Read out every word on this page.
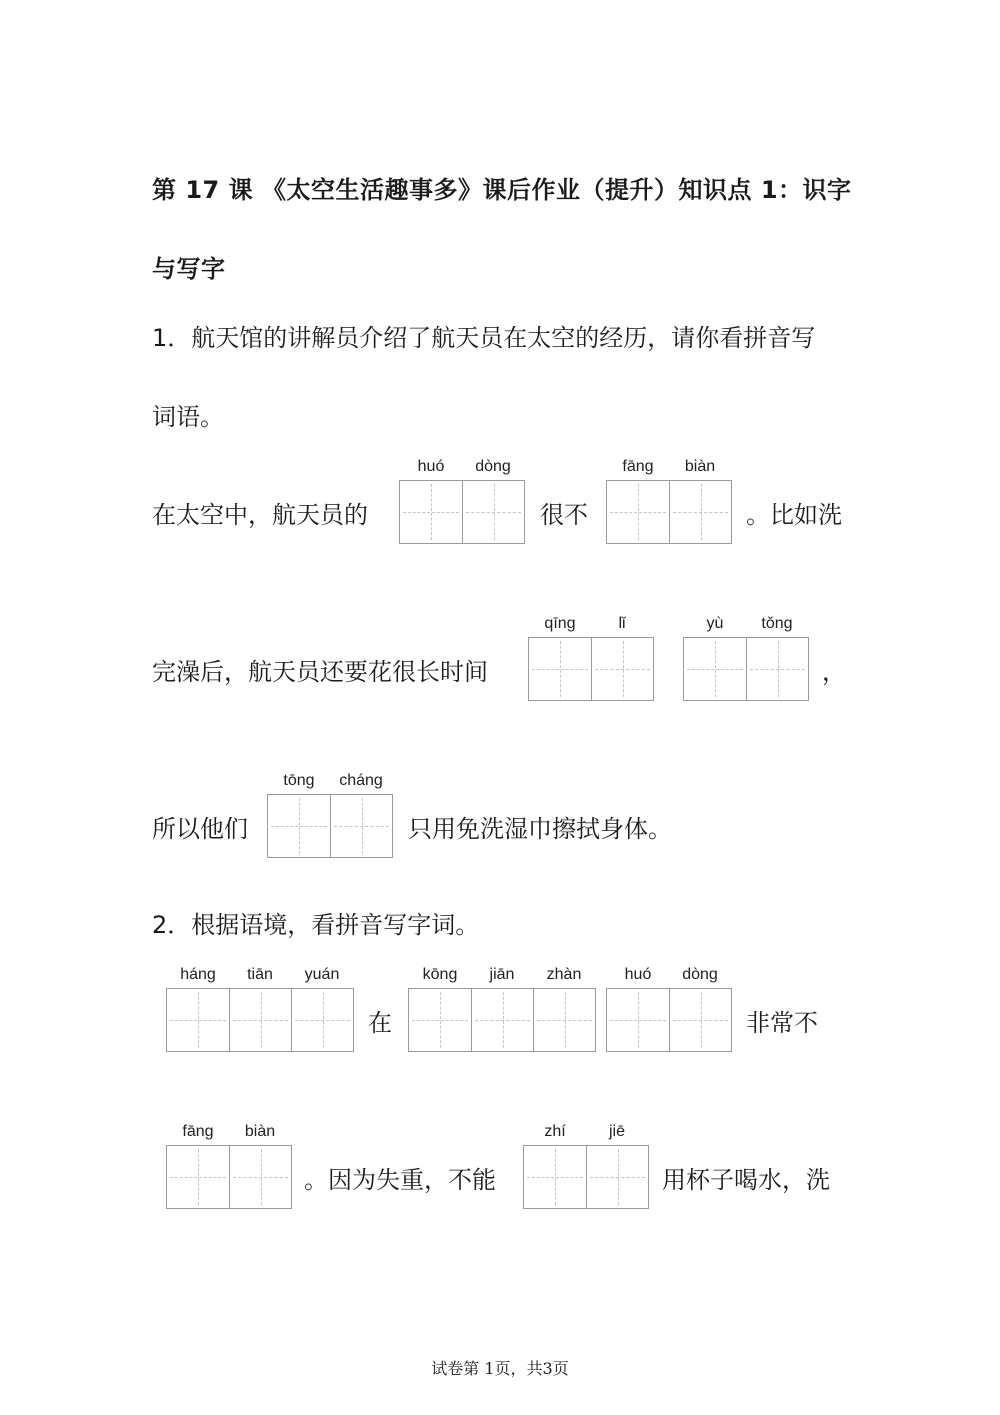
第 17 课 《太空生活趣事多》课后作业（提升）知识点 1：识字
与写字
1．航天馆的讲解员介绍了航天员在太空的经历，请你看拼音写
词语。
在太空中，航天员的
huó	dòng
很不
fāng	biàn
。比如洗
完澡后，航天员还要花很长时间
qīng	lǐ	yù	tǒng
，
所以他们
tōng	cháng
只用免洗湿巾擦拭身体。
2．根据语境，看拼音写字词。
háng	tiān	yuán
在
kōng	jiān	zhàn	huó	dòng
非常不
fāng	biàn
。因为失重，不能
zhí	jiē
用杯子喝水，洗
试卷第 1页，共3页
